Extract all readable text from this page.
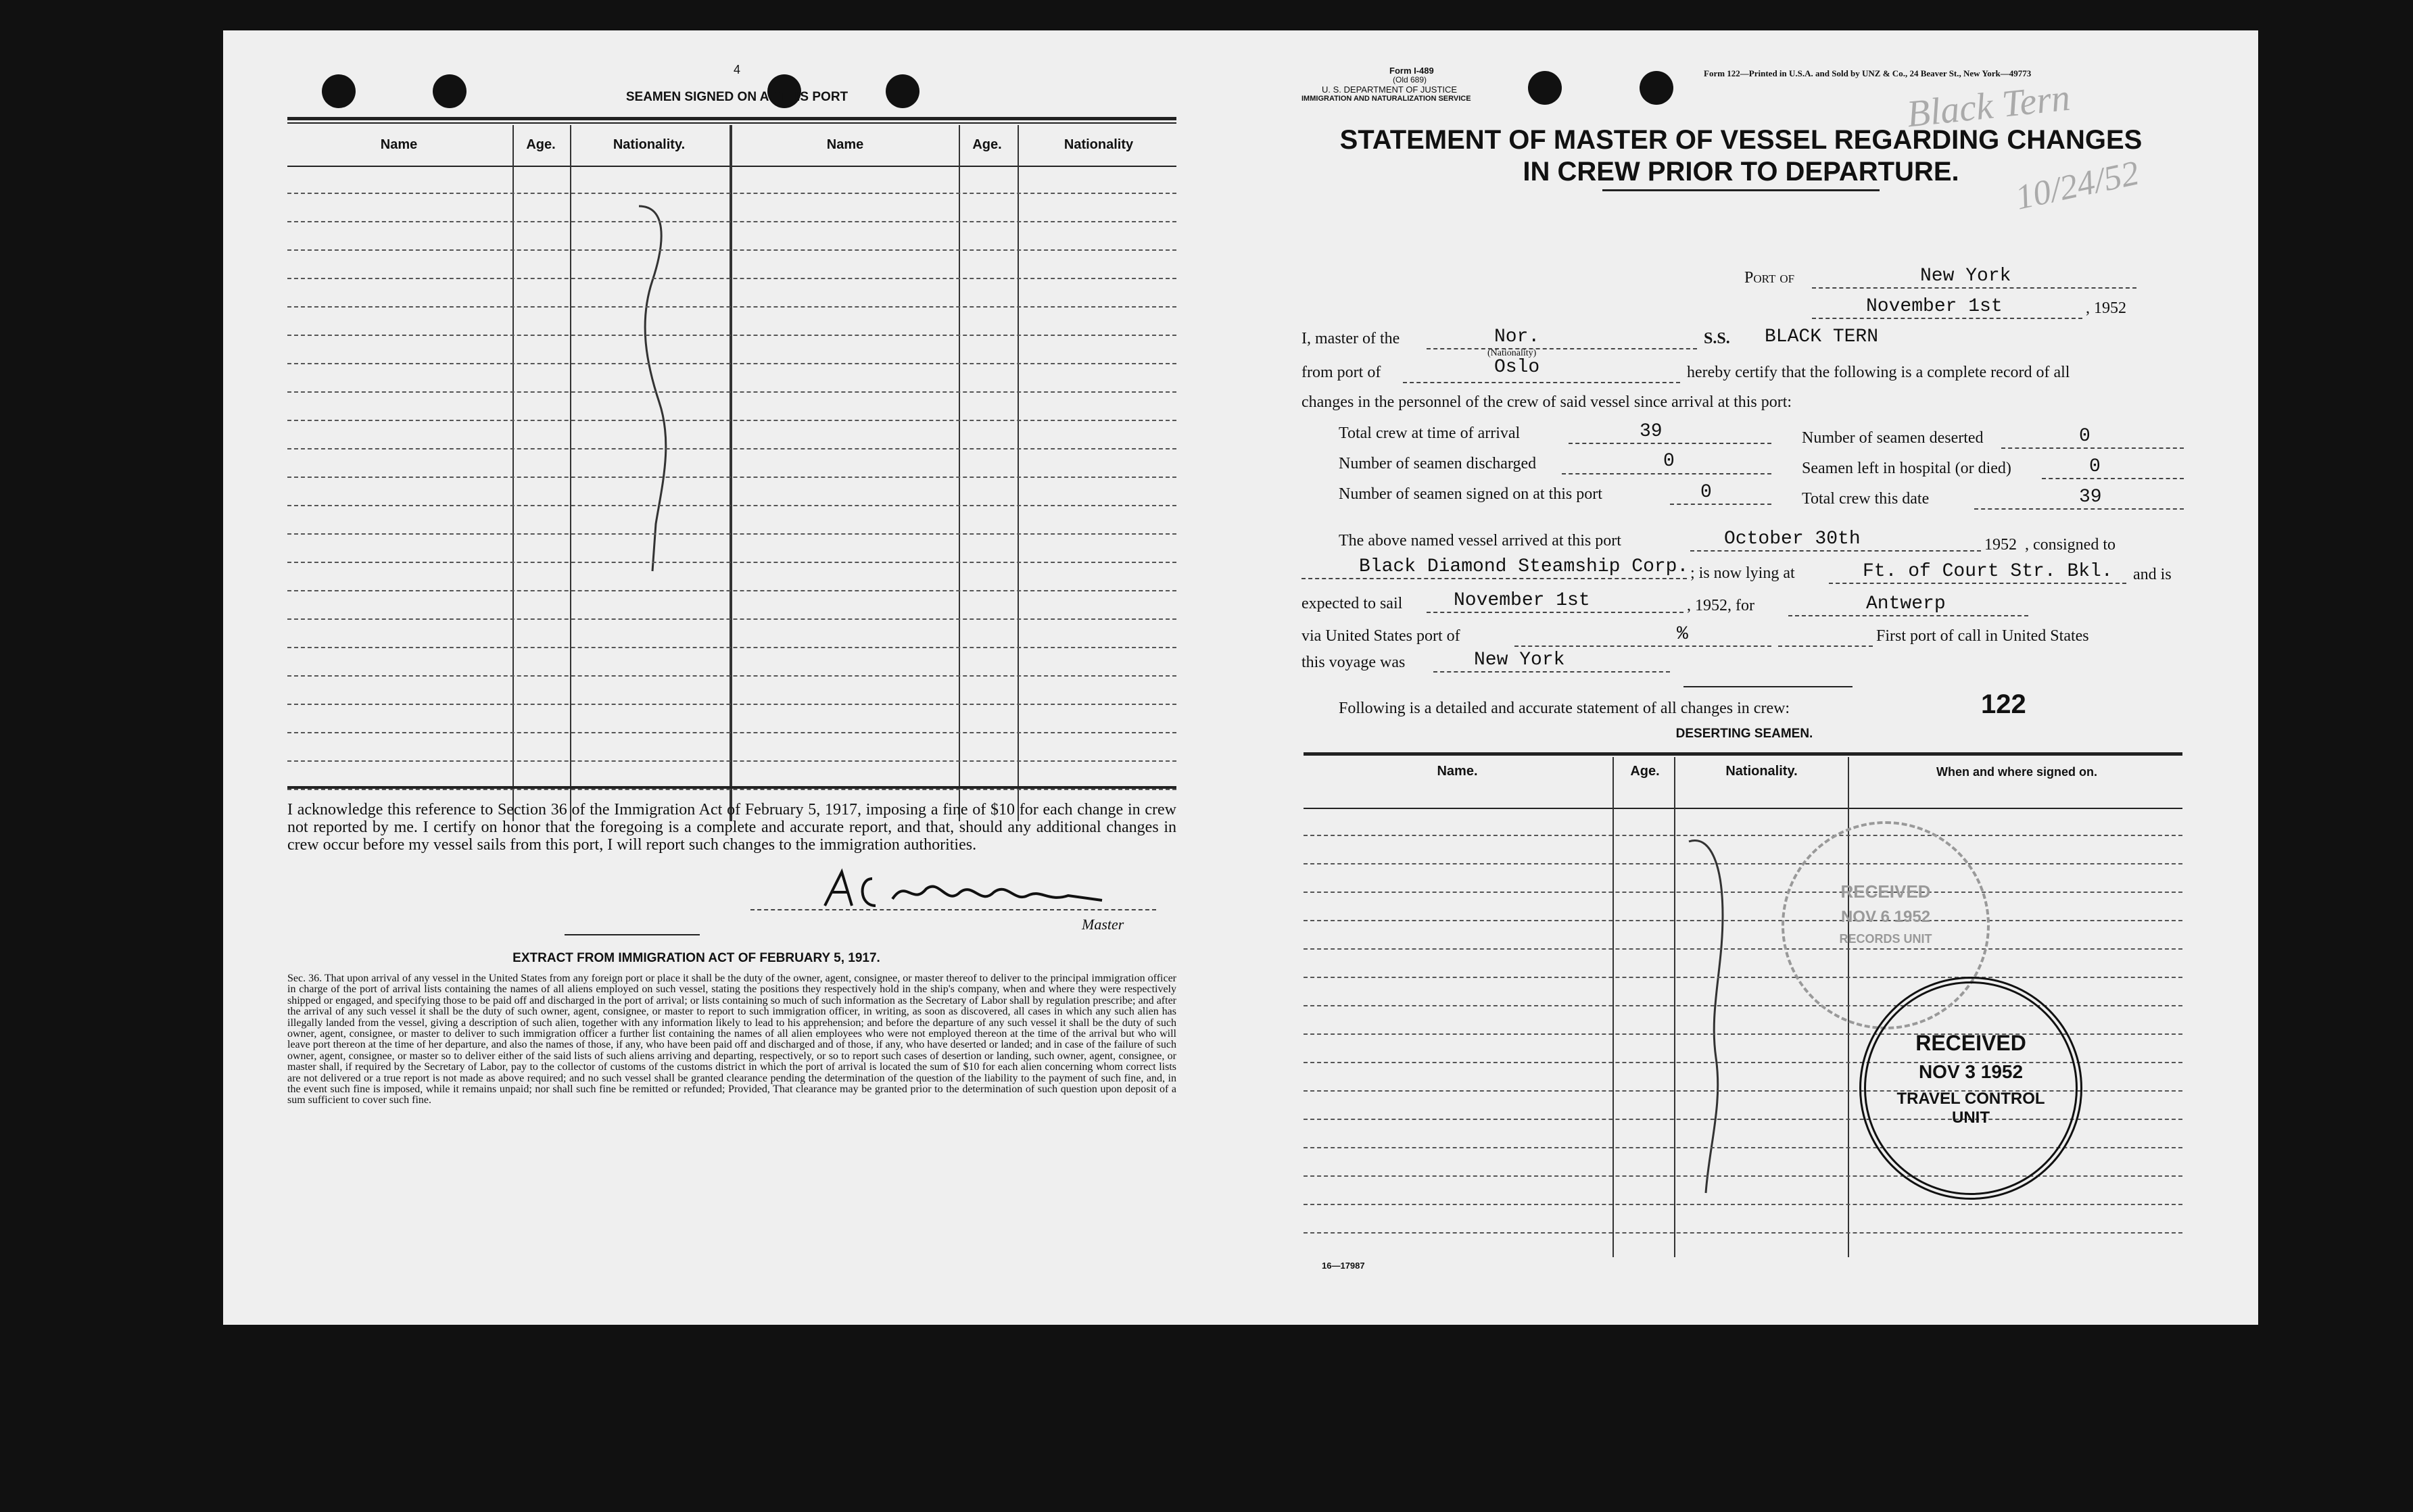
4
SEAMEN SIGNED ON AT THIS PORT
Name	Age.	Nationality.	Name	Age.	Nationality
I acknowledge this reference to Section 36 of the Immigration Act of February 5, 1917, imposing a fine of $10 for each change in crew not reported by me. I certify on honor that the foregoing is a complete and accurate report, and that, should any additional changes in crew occur before my vessel sails from this port, I will report such changes to the immigration authorities.
Master
EXTRACT FROM IMMIGRATION ACT OF FEBRUARY 5, 1917.
Sec. 36. That upon arrival of any vessel in the United States from any foreign port or place it shall be the duty of the owner, agent, consignee, or master thereof to deliver to the principal immigration officer in charge of the port of arrival lists containing the names of all aliens employed on such vessel, stating the positions they respectively hold in the ship's company, when and where they were respectively shipped or engaged, and specifying those to be paid off and discharged in the port of arrival; or lists containing so much of such information as the Secretary of Labor shall by regulation prescribe; and after the arrival of any such vessel it shall be the duty of such owner, agent, consignee, or master to report to such immigration officer, in writing, as soon as discovered, all cases in which any such alien has illegally landed from the vessel, giving a description of such alien, together with any information likely to lead to his apprehension; and before the departure of any such vessel it shall be the duty of such owner, agent, consignee, or master to deliver to such immigration officer a further list containing the names of all alien employees who were not employed thereon at the time of the arrival but who will leave port thereon at the time of her departure, and also the names of those, if any, who have been paid off and discharged and of those, if any, who have deserted or landed; and in case of the failure of such owner, agent, consignee, or master so to deliver either of the said lists of such aliens arriving and departing, respectively, or so to report such cases of desertion or landing, such owner, agent, consignee, or master shall, if required by the Secretary of Labor, pay to the collector of customs of the customs district in which the port of arrival is located the sum of $10 for each alien concerning whom correct lists are not delivered or a true report is not made as above required; and no such vessel shall be granted clearance pending the determination of the question of the liability to the payment of such fine, and, in the event such fine is imposed, while it remains unpaid; nor shall such fine be remitted or refunded; Provided, That clearance may be granted prior to the determination of such question upon deposit of a sum sufficient to cover such fine.
Form I-489
(Old 689)
U. S. DEPARTMENT OF JUSTICE
IMMIGRATION AND NATURALIZATION SERVICE
Form 122—Printed in U.S.A. and Sold by UNZ & Co., 24 Beaver St., New York—49773
Black Tern
10/24/52
STATEMENT OF MASTER OF VESSEL REGARDING CHANGES
IN CREW PRIOR TO DEPARTURE.
Port of	New York
November 1st	, 1952
I, master of the	Nor.
(Nationality)
S.S. BLACK TERN
from port of	Oslo	hereby certify that the following is a complete record of all
changes in the personnel of the crew of said vessel since arrival at this port:
Total crew at time of arrival	39	Number of seamen deserted	0
Number of seamen discharged	0	Seamen left in hospital (or died)	0
Number of seamen signed on at this port	0	Total crew this date	39
The above named vessel arrived at this port	October 30th	1952 , consigned to
Black Diamond Steamship Corp. ; is now lying at	Ft. of Court Str. Bkl. and is
expected to sail	November 1st	, 1952, for	Antwerp
via United States port of	%	First port of call in United States
this voyage was	New York
Following is a detailed and accurate statement of all changes in crew:	122
DESERTING SEAMEN.
Name.	Age.	Nationality.	When and where signed on.
16—17987
RECEIVED
NOV 6 1952
RECORDS UNIT
RECEIVED
NOV 3 1952
TRAVEL CONTROL
UNIT
